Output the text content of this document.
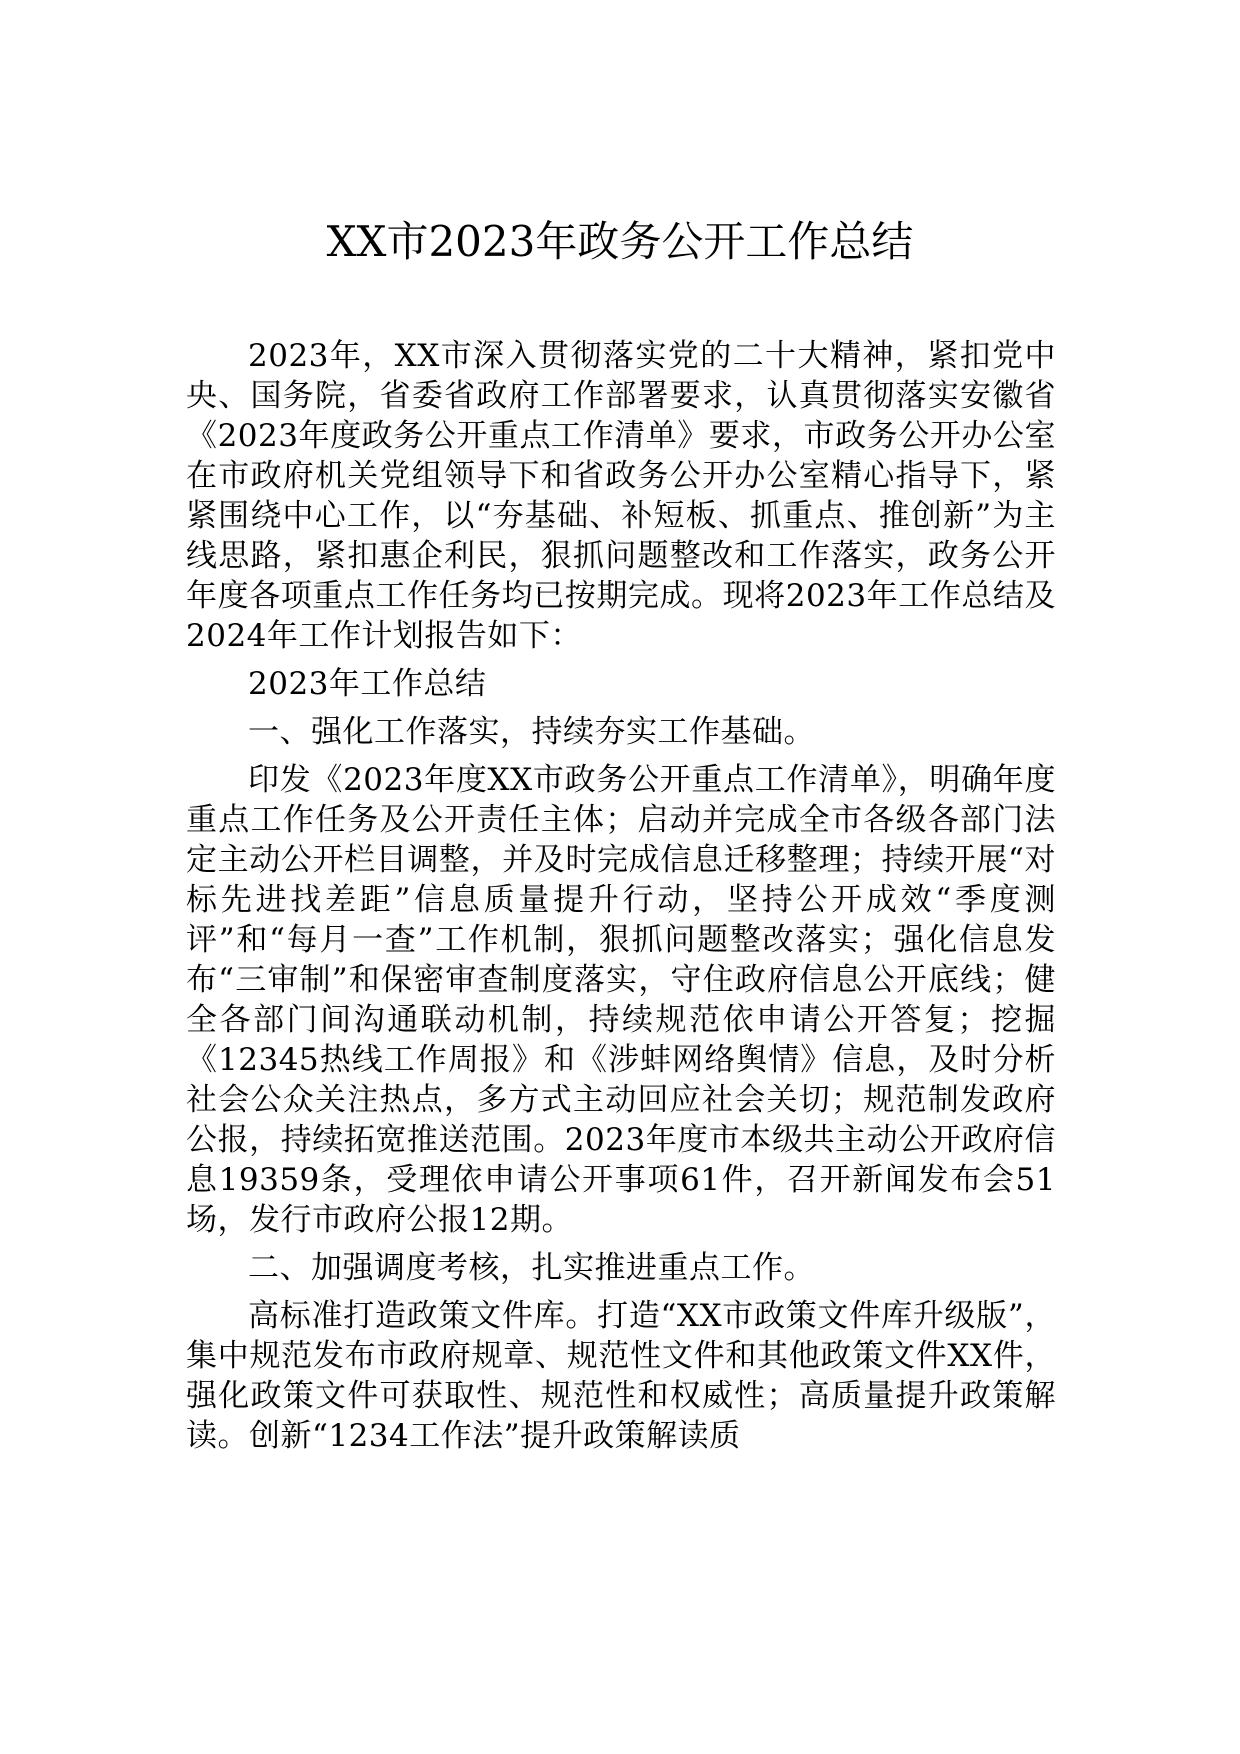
XX市2023年政务公开工作总结

2023年，XX市深入贯彻落实党的二十大精神，紧扣党中央、国务院，省委省政府工作部署要求，认真贯彻落实安徽省《2023年度政务公开重点工作清单》要求，市政务公开办公室在市政府机关党组领导下和省政务公开办公室精心指导下，紧紧围绕中心工作，以“夯基础、补短板、抓重点、推创新”为主线思路，紧扣惠企利民，狠抓问题整改和工作落实，政务公开年度各项重点工作任务均已按期完成。现将2023年工作总结及2024年工作计划报告如下：

2023年工作总结

一、强化工作落实，持续夯实工作基础。

印发《2023年度XX市政务公开重点工作清单》，明确年度重点工作任务及公开责任主体；启动并完成全市各级各部门法定主动公开栏目调整，并及时完成信息迁移整理；持续开展“对标先进找差距”信息质量提升行动，坚持公开成效“季度测评”和“每月一查”工作机制，狠抓问题整改落实；强化信息发布“三审制”和保密审查制度落实，守住政府信息公开底线；健全各部门间沟通联动机制，持续规范依申请公开答复；挖掘《12345热线工作周报》和《涉蚌网络舆情》信息，及时分析社会公众关注热点，多方式主动回应社会关切；规范制发政府公报，持续拓宽推送范围。2023年度市本级共主动公开政府信息19359条，受理依申请公开事项61件，召开新闻发布会51场，发行市政府公报12期。

二、加强调度考核，扎实推进重点工作。

高标准打造政策文件库。打造“XX市政策文件库升级版”，集中规范发布市政府规章、规范性文件和其他政策文件XX件，强化政策文件可获取性、规范性和权威性；高质量提升政策解读。创新“1234工作法”提升政策解读质
